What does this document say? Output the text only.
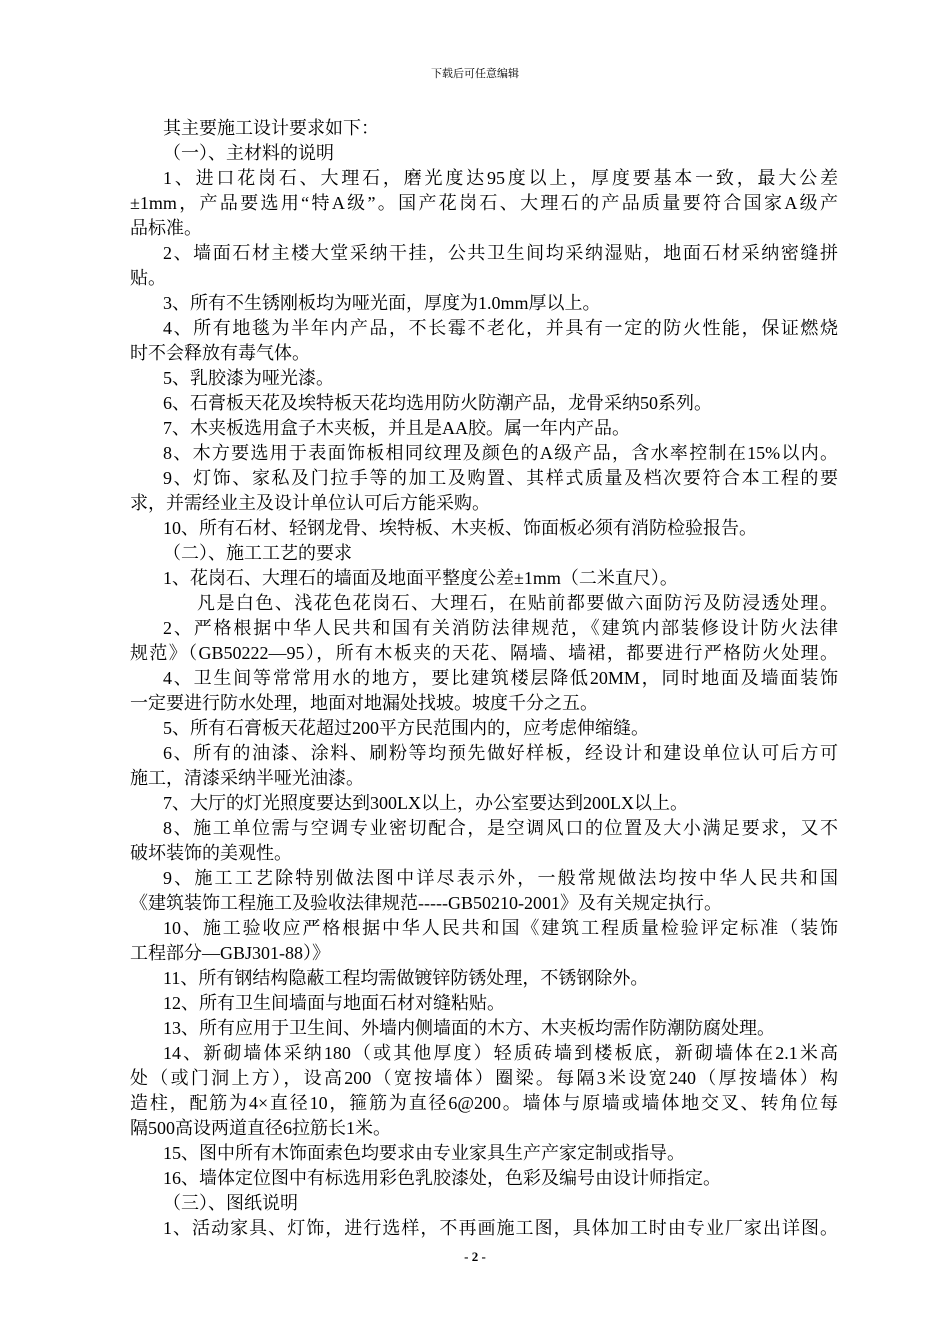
下载后可任意编辑
其主要施工设计要求如下：
（一）、主材料的说明
1、进口花岗石、大理石，磨光度达95度以上，厚度要基本一致，最大公差
±1mm，产品要选用“特A级”。国产花岗石、大理石的产品质量要符合国家A级产
品标准。
2、墙面石材主楼大堂采纳干挂，公共卫生间均采纳湿贴，地面石材采纳密缝拼
贴。
3、所有不生锈刚板均为哑光面，厚度为1.0mm厚以上。
4、所有地毯为半年内产品，不长霉不老化，并具有一定的防火性能，保证燃烧
时不会释放有毒气体。
5、乳胶漆为哑光漆。
6、石膏板天花及埃特板天花均选用防火防潮产品，龙骨采纳50系列。
7、木夹板选用盒子木夹板，并且是AA胶。属一年内产品。
8、木方要选用于表面饰板相同纹理及颜色的A级产品，含水率控制在15%以内。
9、灯饰、家私及门拉手等的加工及购置、其样式质量及档次要符合本工程的要
求，并需经业主及设计单位认可后方能采购。
10、所有石材、轻钢龙骨、埃特板、木夹板、饰面板必须有消防检验报告。
（二）、施工工艺的要求
1、花岗石、大理石的墙面及地面平整度公差±1mm（二米直尺）。
凡是白色、浅花色花岗石、大理石，在贴前都要做六面防污及防浸透处理。
2、严格根据中华人民共和国有关消防法律规范，《建筑内部装修设计防火法律
规范》（GB50222—95），所有木板夹的天花、隔墙、墙裙，都要进行严格防火处理。
4、卫生间等常常用水的地方，要比建筑楼层降低20MM，同时地面及墙面装饰
一定要进行防水处理，地面对地漏处找坡。坡度千分之五。
5、所有石膏板天花超过200平方民范围内的，应考虑伸缩缝。
6、所有的油漆、涂料、刷粉等均预先做好样板，经设计和建设单位认可后方可
施工，清漆采纳半哑光油漆。
7、大厅的灯光照度要达到300LX以上，办公室要达到200LX以上。
8、施工单位需与空调专业密切配合，是空调风口的位置及大小满足要求，又不
破坏装饰的美观性。
9、施工工艺除特别做法图中详尽表示外，一般常规做法均按中华人民共和国
《建筑装饰工程施工及验收法律规范-----GB50210-2001》及有关规定执行。
10、施工验收应严格根据中华人民共和国《建筑工程质量检验评定标准（装饰
工程部分—GBJ301-88）》
11、所有钢结构隐蔽工程均需做镀锌防锈处理，不锈钢除外。
12、所有卫生间墙面与地面石材对缝粘贴。
13、所有应用于卫生间、外墙内侧墙面的木方、木夹板均需作防潮防腐处理。
14、新砌墙体采纳180（或其他厚度）轻质砖墙到楼板底，新砌墙体在2.1米高
处（或门洞上方），设高200（宽按墙体）圈梁。每隔3米设宽240（厚按墙体）构
造柱，配筋为4×直径10，箍筋为直径6@200。墙体与原墙或墙体地交叉、转角位每
隔500高设两道直径6拉筋长1米。
15、图中所有木饰面索色均要求由专业家具生产产家定制或指导。
16、墙体定位图中有标选用彩色乳胶漆处，色彩及编号由设计师指定。
（三）、图纸说明
1、活动家具、灯饰，进行选样，不再画施工图，具体加工时由专业厂家出详图。
- 2 -
